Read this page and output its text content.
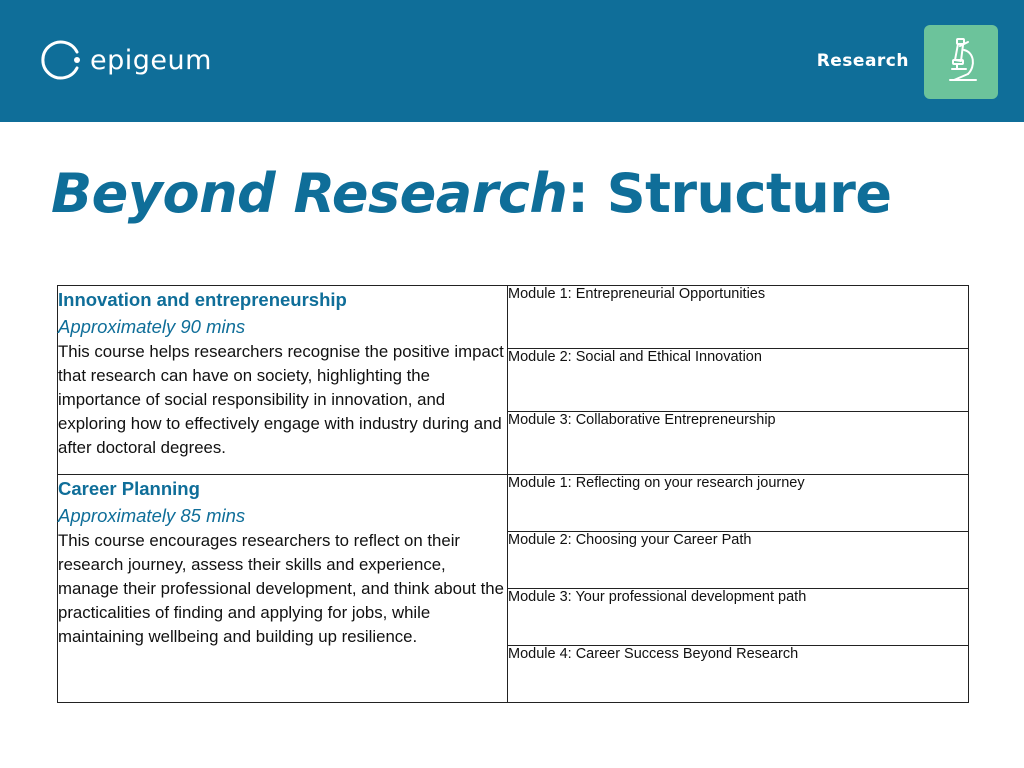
epigeum	Research
Beyond Research: Structure
Innovation and entrepreneurship
Approximately 90 mins
This course helps researchers recognise the positive impact that research can have on society, highlighting the importance of social responsibility in innovation, and exploring how to effectively engage with industry during and after doctoral degrees.	Module 1: Entrepreneurial Opportunities
	Module 2: Social and Ethical Innovation
	Module 3: Collaborative Entrepreneurship

Career Planning
Approximately 85 mins
This course encourages researchers to reflect on their research journey, assess their skills and experience, manage their professional development, and think about the practicalities of finding and applying for jobs, while maintaining wellbeing and building up resilience.	Module 1: Reflecting on your research journey
	Module 2: Choosing your Career Path
	Module 3: Your professional development path
	Module 4: Career Success Beyond Research
